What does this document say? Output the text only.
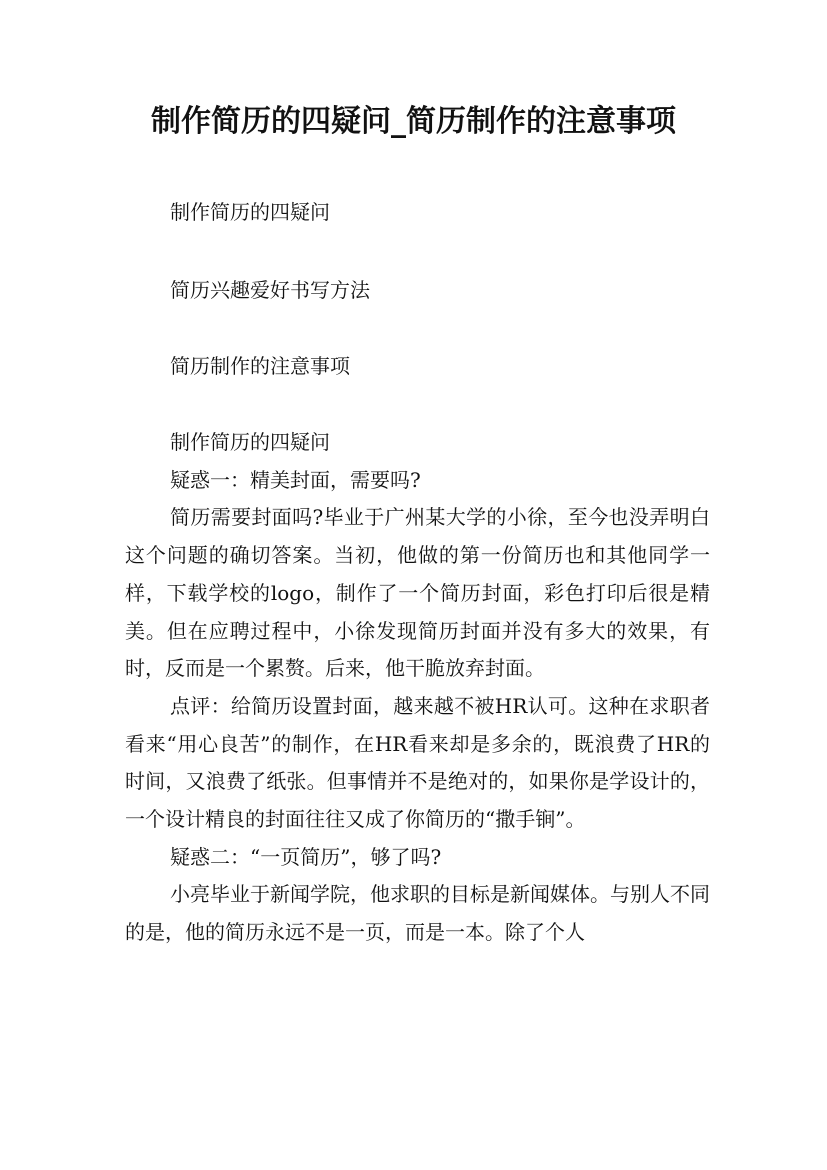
制作简历的四疑问_简历制作的注意事项
制作简历的四疑问
简历兴趣爱好书写方法
简历制作的注意事项

制作简历的四疑问

疑惑一：精美封面，需要吗?

简历需要封面吗?毕业于广州某大学的小徐，至今也没弄明白这个问题的确切答案。当初，他做的第一份简历也和其他同学一样，下载学校的logo，制作了一个简历封面，彩色打印后很是精美。但在应聘过程中，小徐发现简历封面并没有多大的效果，有时，反而是一个累赘。后来，他干脆放弃封面。

点评：给简历设置封面，越来越不被HR认可。这种在求职者看来“用心良苦”的制作，在HR看来却是多余的，既浪费了HR的时间，又浪费了纸张。但事情并不是绝对的，如果你是学设计的，一个设计精良的封面往往又成了你简历的“撒手锏”。

疑惑二：“一页简历”，够了吗?

小亮毕业于新闻学院，他求职的目标是新闻媒体。与别人不同的是，他的简历永远不是一页，而是一本。除了个人
